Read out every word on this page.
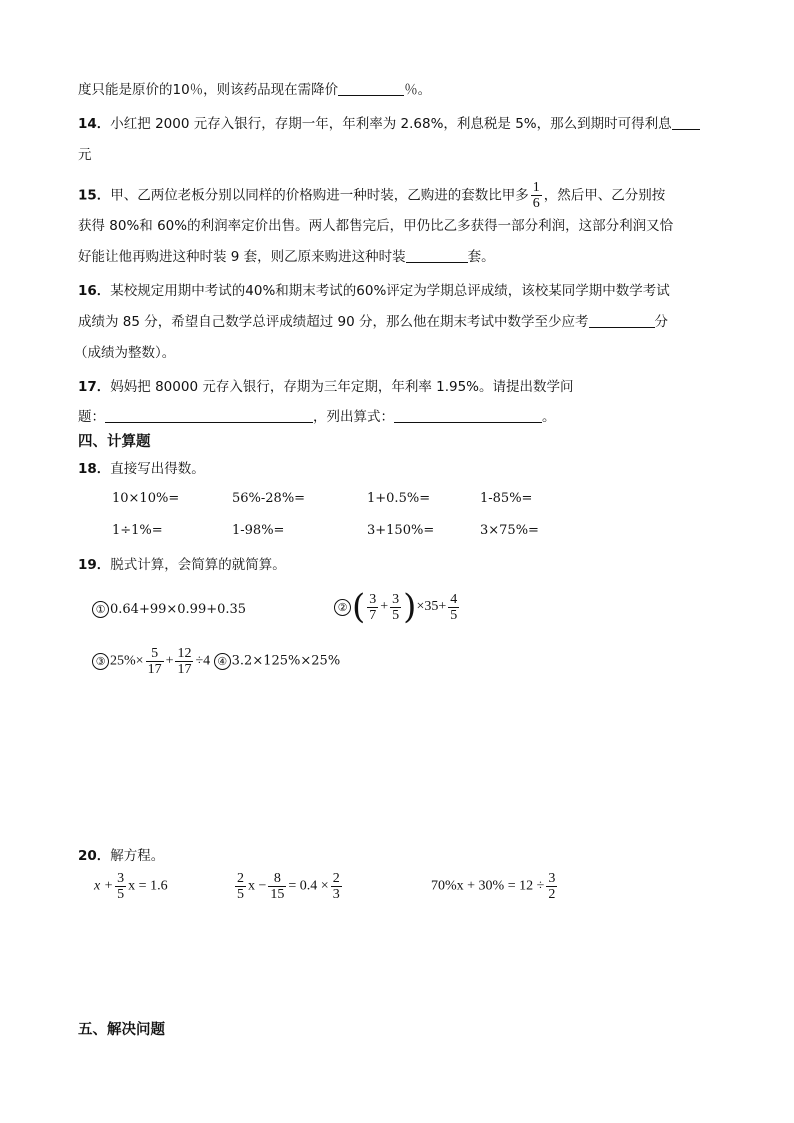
度只能是原价的10％，则该药品现在需降价	％。
14．小红把 2000 元存入银行，存期一年，年利率为 2.68%，利息税是 5%，那么到期时可得利息
元
15．甲、乙两位老板分别以同样的价格购进一种时装，乙购进的套数比甲多 $\frac{1}{6}$ ，然后甲、乙分别按
获得 80%和 60%的利润率定价出售。两人都售完后，甲仍比乙多获得一部分利润，这部分利润又恰
好能让他再购进这种时装 9 套，则乙原来购进这种时装	套。
16．某校规定用期中考试的40%和期末考试的60%评定为学期总评成绩，该校某同学期中数学考试
成绩为 85 分，希望自己数学总评成绩超过 90 分，那么他在期末考试中数学至少应考	分
（成绩为整数）。
17．妈妈把 80000 元存入银行，存期为三年定期，年利率 1.95%。请提出数学问
题：	，列出算式：	。
四、计算题
18．直接写出得数。
10×10%=	56%-28%=	1+0.5%=	1-85%=
1÷1%=	1-98%=	3+150%=	3×75%=
19．脱式计算，会简算的就简算。
① 0.64+99×0.99+0.35	② ( $\frac{3}{7} + \frac{3}{5} )\times 35+ \frac{4}{5}$
③ $25\%\times \frac{5}{17} + \frac{12}{17} \div 4$ ④ 3.2×125%×25%
20．解方程。
$x + \frac{3}{5}$ x = 1.6	$\frac{2}{5}$ $x - \frac{8}{15} = 0.4 \times \frac{2}{3}$	$70\%x + 30\% = 12 \div \frac{3}{2}$
五、解决问题
